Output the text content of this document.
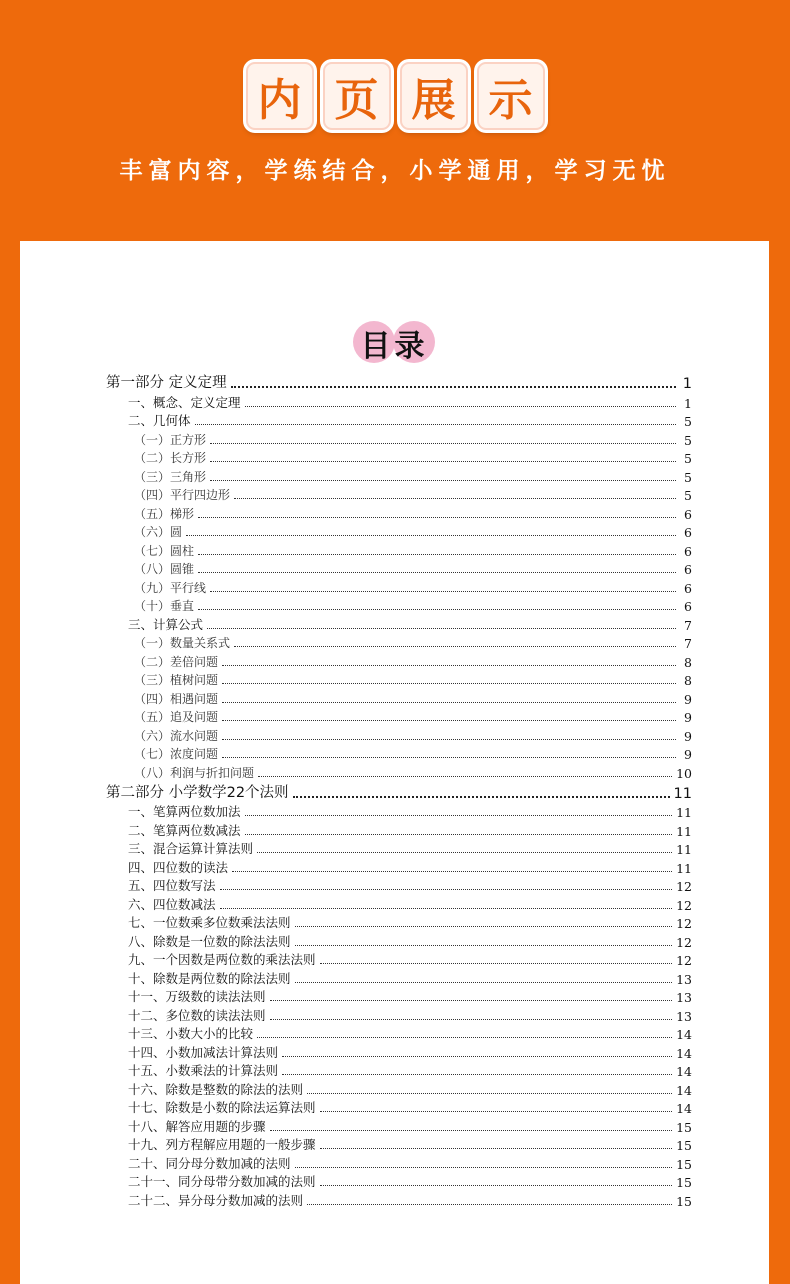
内 页 展 示
丰富内容，学练结合，小学通用，学习无忧
目录
第一部分 定义定理	1
一、概念、定义定理	1
二、几何体	5
（一）正方形	5
（二）长方形	5
（三）三角形	5
（四）平行四边形	5
（五）梯形	6
（六）圆	6
（七）圆柱	6
（八）圆锥	6
（九）平行线	6
（十）垂直	6
三、计算公式	7
（一）数量关系式	7
（二）差倍问题	8
（三）植树问题	8
（四）相遇问题	9
（五）追及问题	9
（六）流水问题	9
（七）浓度问题	9
（八）利润与折扣问题	10
第二部分 小学数学22个法则	11
一、笔算两位数加法	11
二、笔算两位数减法	11
三、混合运算计算法则	11
四、四位数的读法	11
五、四位数写法	12
六、四位数减法	12
七、一位数乘多位数乘法法则	12
八、除数是一位数的除法法则	12
九、一个因数是两位数的乘法法则	12
十、除数是两位数的除法法则	13
十一、万级数的读法法则	13
十二、多位数的读法法则	13
十三、小数大小的比较	14
十四、小数加减法计算法则	14
十五、小数乘法的计算法则	14
十六、除数是整数的除法的法则	14
十七、除数是小数的除法运算法则	14
十八、解答应用题的步骤	15
十九、列方程解应用题的一般步骤	15
二十、同分母分数加减的法则	15
二十一、同分母带分数加减的法则	15
二十二、异分母分数加减的法则	15
